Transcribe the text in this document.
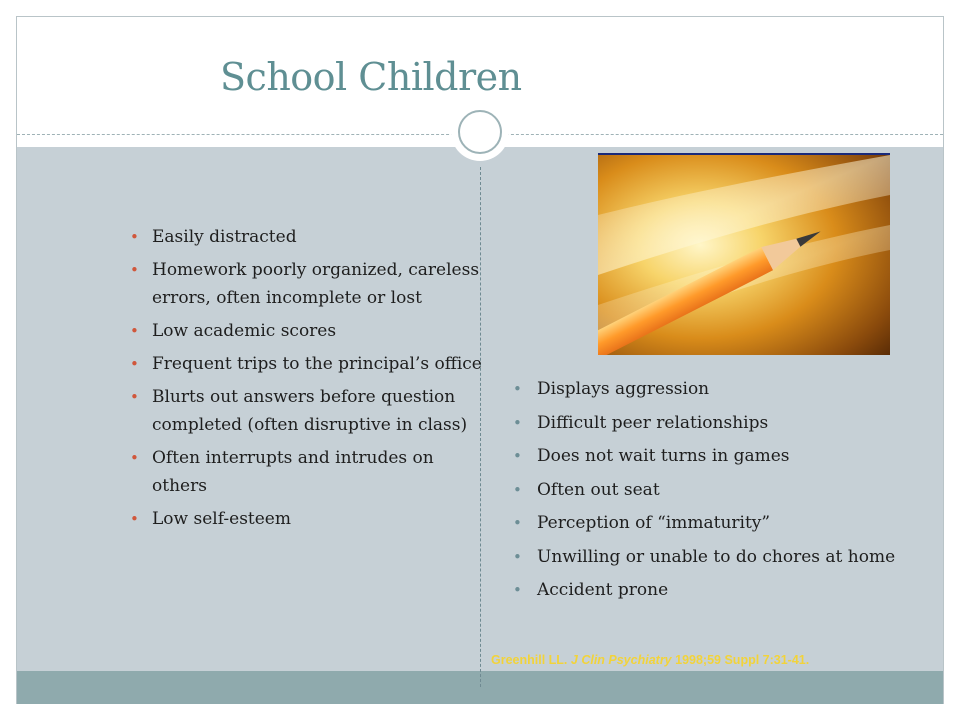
School Children
• Easily distracted
• Homework poorly organized, careless errors, often incomplete or lost
• Low academic scores
• Frequent trips to the principal’s office
• Blurts out answers before question completed (often disruptive in class)
• Often interrupts and intrudes on others
• Low self-esteem
• Displays aggression
• Difficult peer relationships
• Does not wait turns in games
• Often out seat
• Perception of “immaturity”
• Unwilling or unable to do chores at home
• Accident prone
Greenhill LL. J Clin Psychiatry 1998;59 Suppl 7:31-41.
